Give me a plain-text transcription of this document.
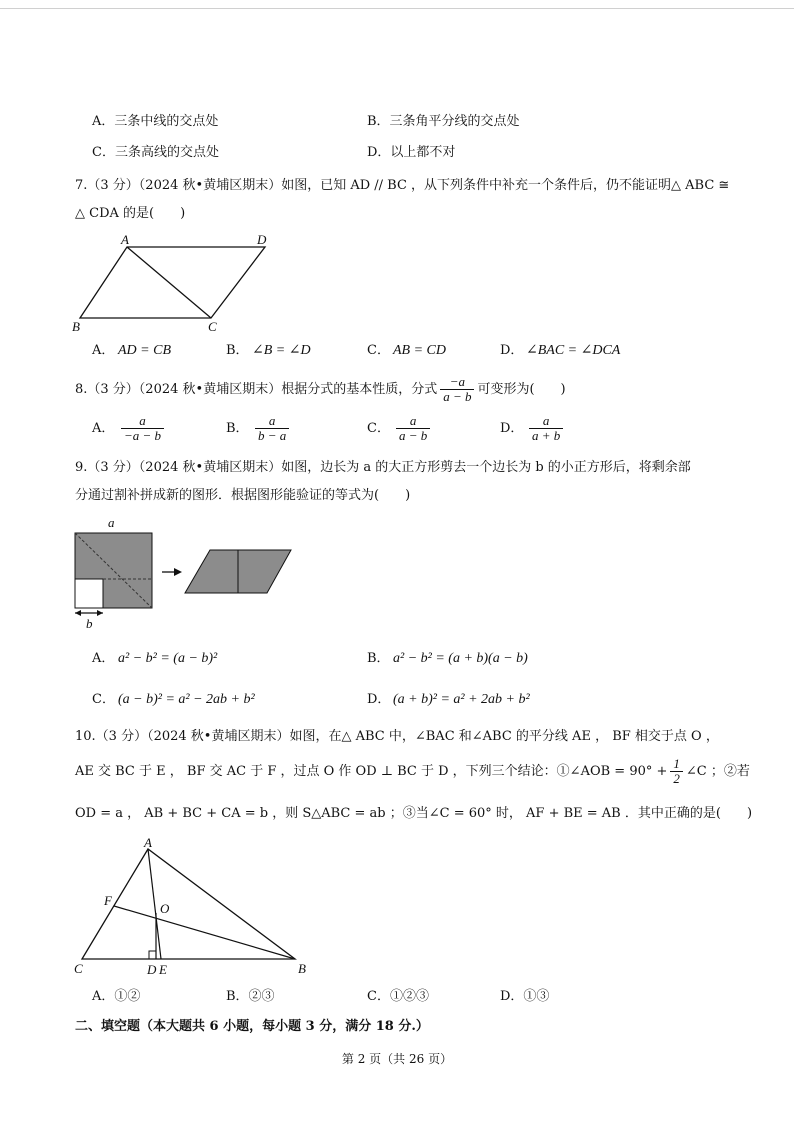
A．三条中线的交点处	B．三条角平分线的交点处
C．三条高线的交点处	D．以上都不对
7.（3 分）（2024 秋•黄埔区期末）如图，已知 AD // BC ，从下列条件中补充一个条件后，仍不能证明△ ABC ≅
△ CDA 的是(　　)
A	D
B	C
A． AD = CB	B． ∠B = ∠D	C． AB = CD	D． ∠BAC = ∠DCA
8.（3 分）（2024 秋•黄埔区期末）根据分式的基本性质，分式 $\frac{-a}{a - b}$ 可变形为(　　)
A． $\frac{a}{-a - b}$	B． $\frac{a}{b - a}$	C． $\frac{a}{a - b}$	D． $\frac{a}{a + b}$
9.（3 分）（2024 秋•黄埔区期末）如图，边长为 a 的大正方形剪去一个边长为 b 的小正方形后，将剩余部
分通过割补拼成新的图形．根据图形能验证的等式为(　　)
a
b
A． a² − b² = (a − b)²	B． a² − b² = (a + b)(a − b)
C． (a − b)² = a² − 2ab + b²	D． (a + b)² = a² + 2ab + b²
10.（3 分）（2024 秋•黄埔区期末）如图，在△ ABC 中，∠BAC 和∠ABC 的平分线 AE ， BF 相交于点 O ，
AE 交 BC 于 E ， BF 交 AC 于 F ，过点 O 作 OD ⊥ BC 于 D ，下列三个结论：①∠AOB = $90^\circ + \frac{1}{2}$ ∠C ；②若
OD = a ， AB + BC + CA = b ，则 S△ABC = ab ；③当∠C = 60° 时， AF + BE = AB ．其中正确的是(　　)
A
B
C	D E
F
O
A．①②	B．②③	C．①②③	D．①③
二、填空题（本大题共 6 小题，每小题 3 分，满分 18 分.）
第 2 页（共 26 页）
